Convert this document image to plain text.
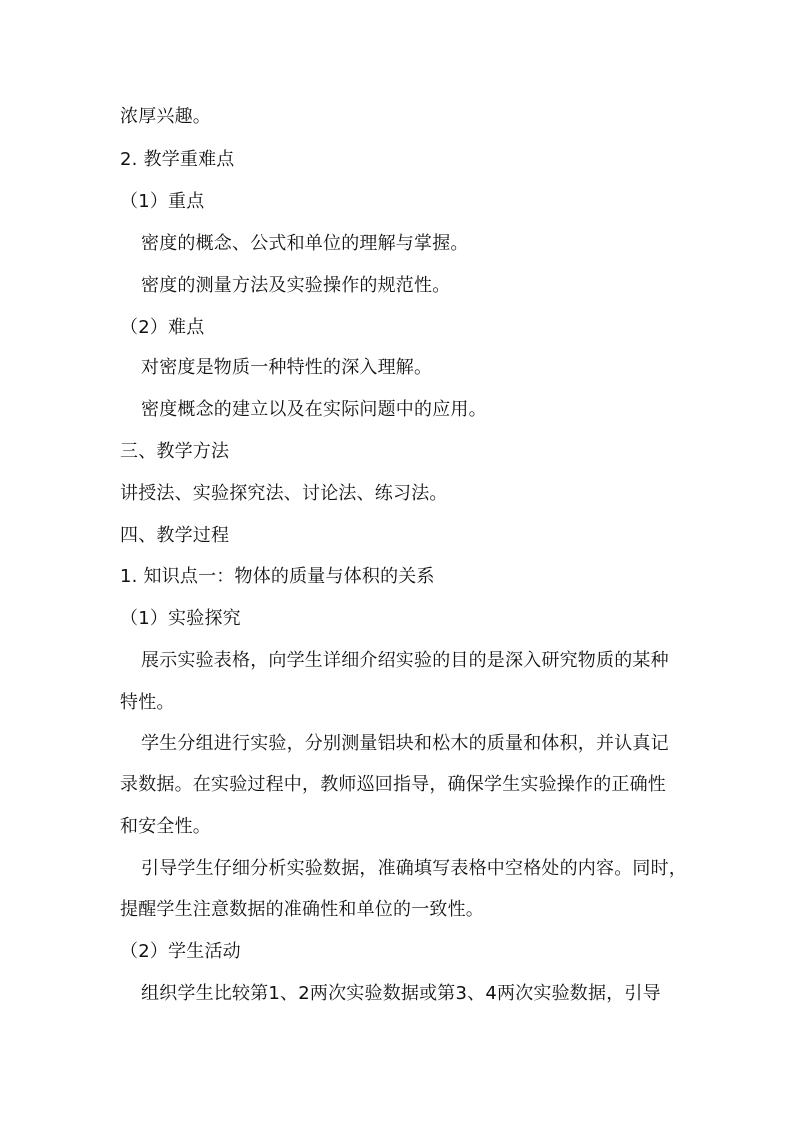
浓厚兴趣。
2. 教学重难点
（1）重点
密度的概念、公式和单位的理解与掌握。
密度的测量方法及实验操作的规范性。
（2）难点
对密度是物质一种特性的深入理解。
密度概念的建立以及在实际问题中的应用。
三、教学方法
讲授法、实验探究法、讨论法、练习法。
四、教学过程
1. 知识点一：物体的质量与体积的关系
（1）实验探究
展示实验表格，向学生详细介绍实验的目的是深入研究物质的某种
特性。
学生分组进行实验，分别测量铝块和松木的质量和体积，并认真记
录数据。在实验过程中，教师巡回指导，确保学生实验操作的正确性
和安全性。
引导学生仔细分析实验数据，准确填写表格中空格处的内容。同时，
提醒学生注意数据的准确性和单位的一致性。
（2）学生活动
组织学生比较第1、2两次实验数据或第3、4两次实验数据，引导
